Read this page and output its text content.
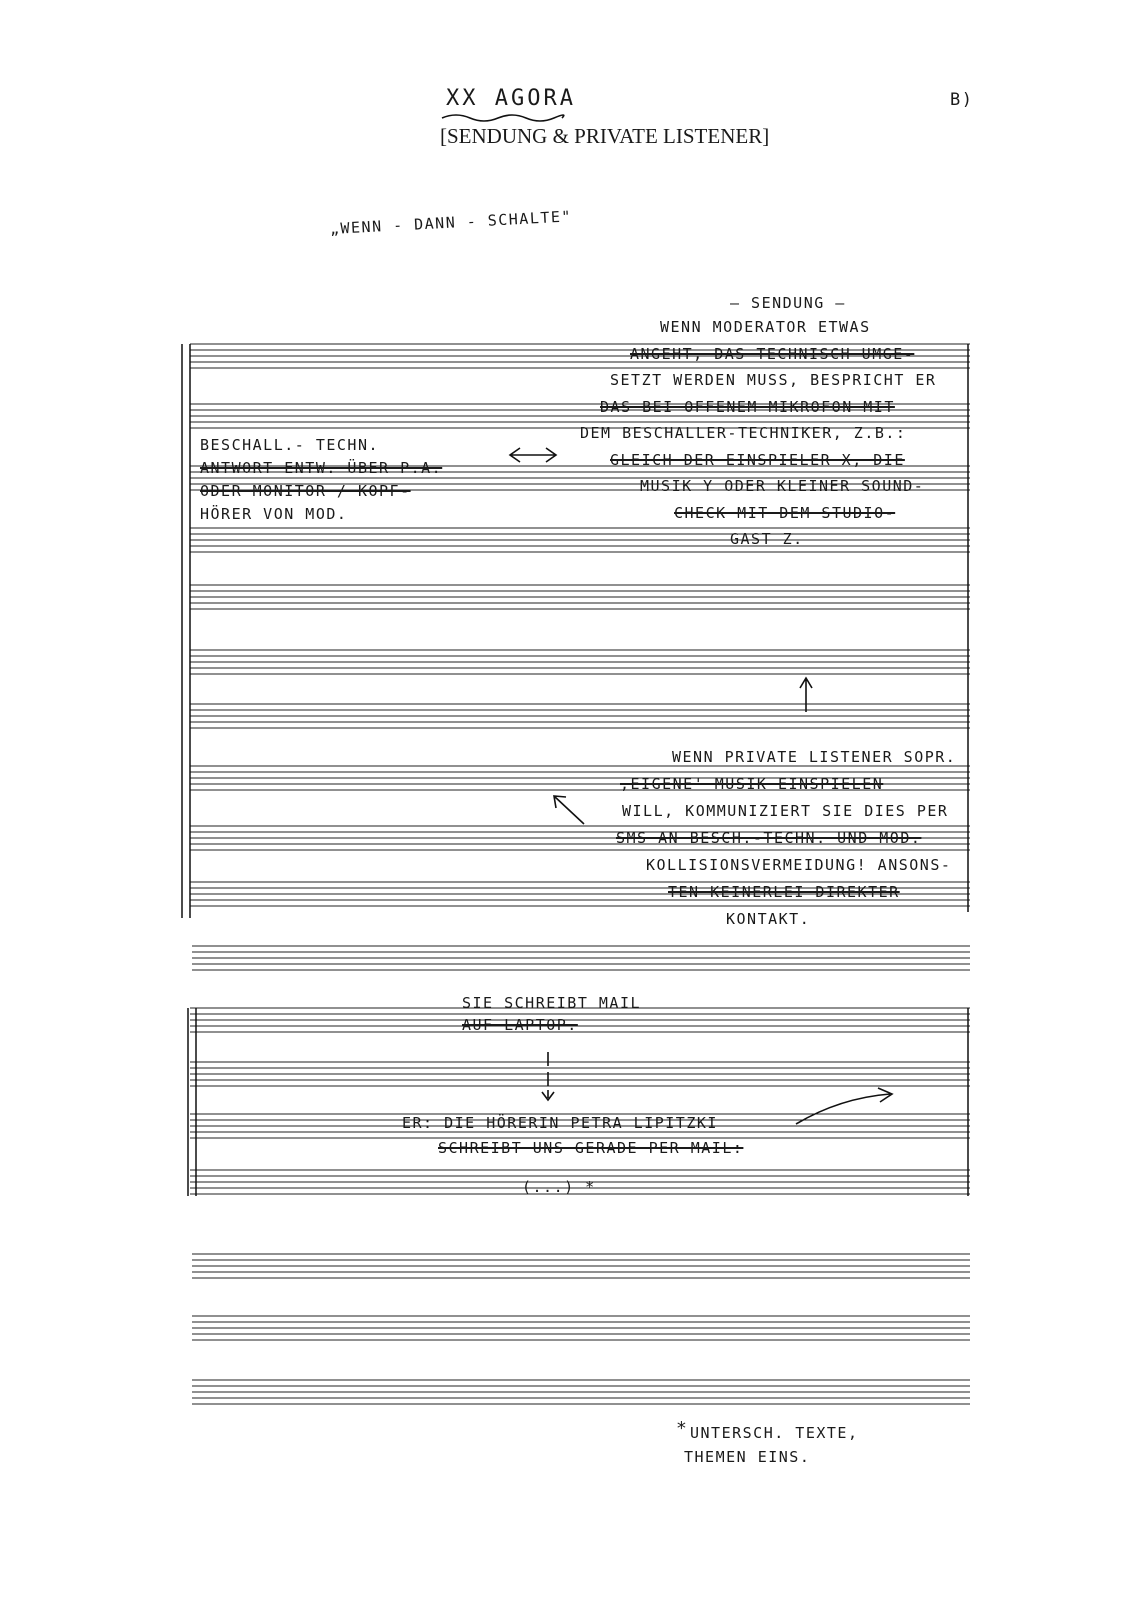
XX AGORA
[SENDUNG & PRIVATE LISTENER]
B)
„WENN - DANN - SCHALTE"
– SENDUNG –
WENN MODERATOR ETWAS
ANGEHT, DAS TECHNISCH UMGE-
SETZT WERDEN MUSS, BESPRICHT ER
DAS BEI OFFENEM MIKROFON MIT
DEM BESCHALLER-TECHNIKER, Z.B.:
GLEICH DER EINSPIELER X, DIE
MUSIK Y ODER KLEINER SOUND-
CHECK MIT DEM STUDIO-
GAST Z.
BESCHALL.- TECHN.
ANTWORT ENTW. ÜBER P.A.
ODER MONITOR / KOPF-
HÖRER VON MOD.
WENN PRIVATE LISTENER SOPR.
‚EIGENE' MUSIK EINSPIELEN
WILL, KOMMUNIZIERT SIE DIES PER
SMS AN BESCH.-TECHN. UND MOD.
KOLLISIONSVERMEIDUNG! ANSONS-
TEN KEINERLEI DIREKTER
KONTAKT.
SIE SCHREIBT MAIL
AUF LAPTOP.
ER: DIE HÖRERIN PETRA LIPITZKI
SCHREIBT UNS GERADE PER MAIL:
(...) *
* UNTERSCH. TEXTE,
THEMEN EINS.
